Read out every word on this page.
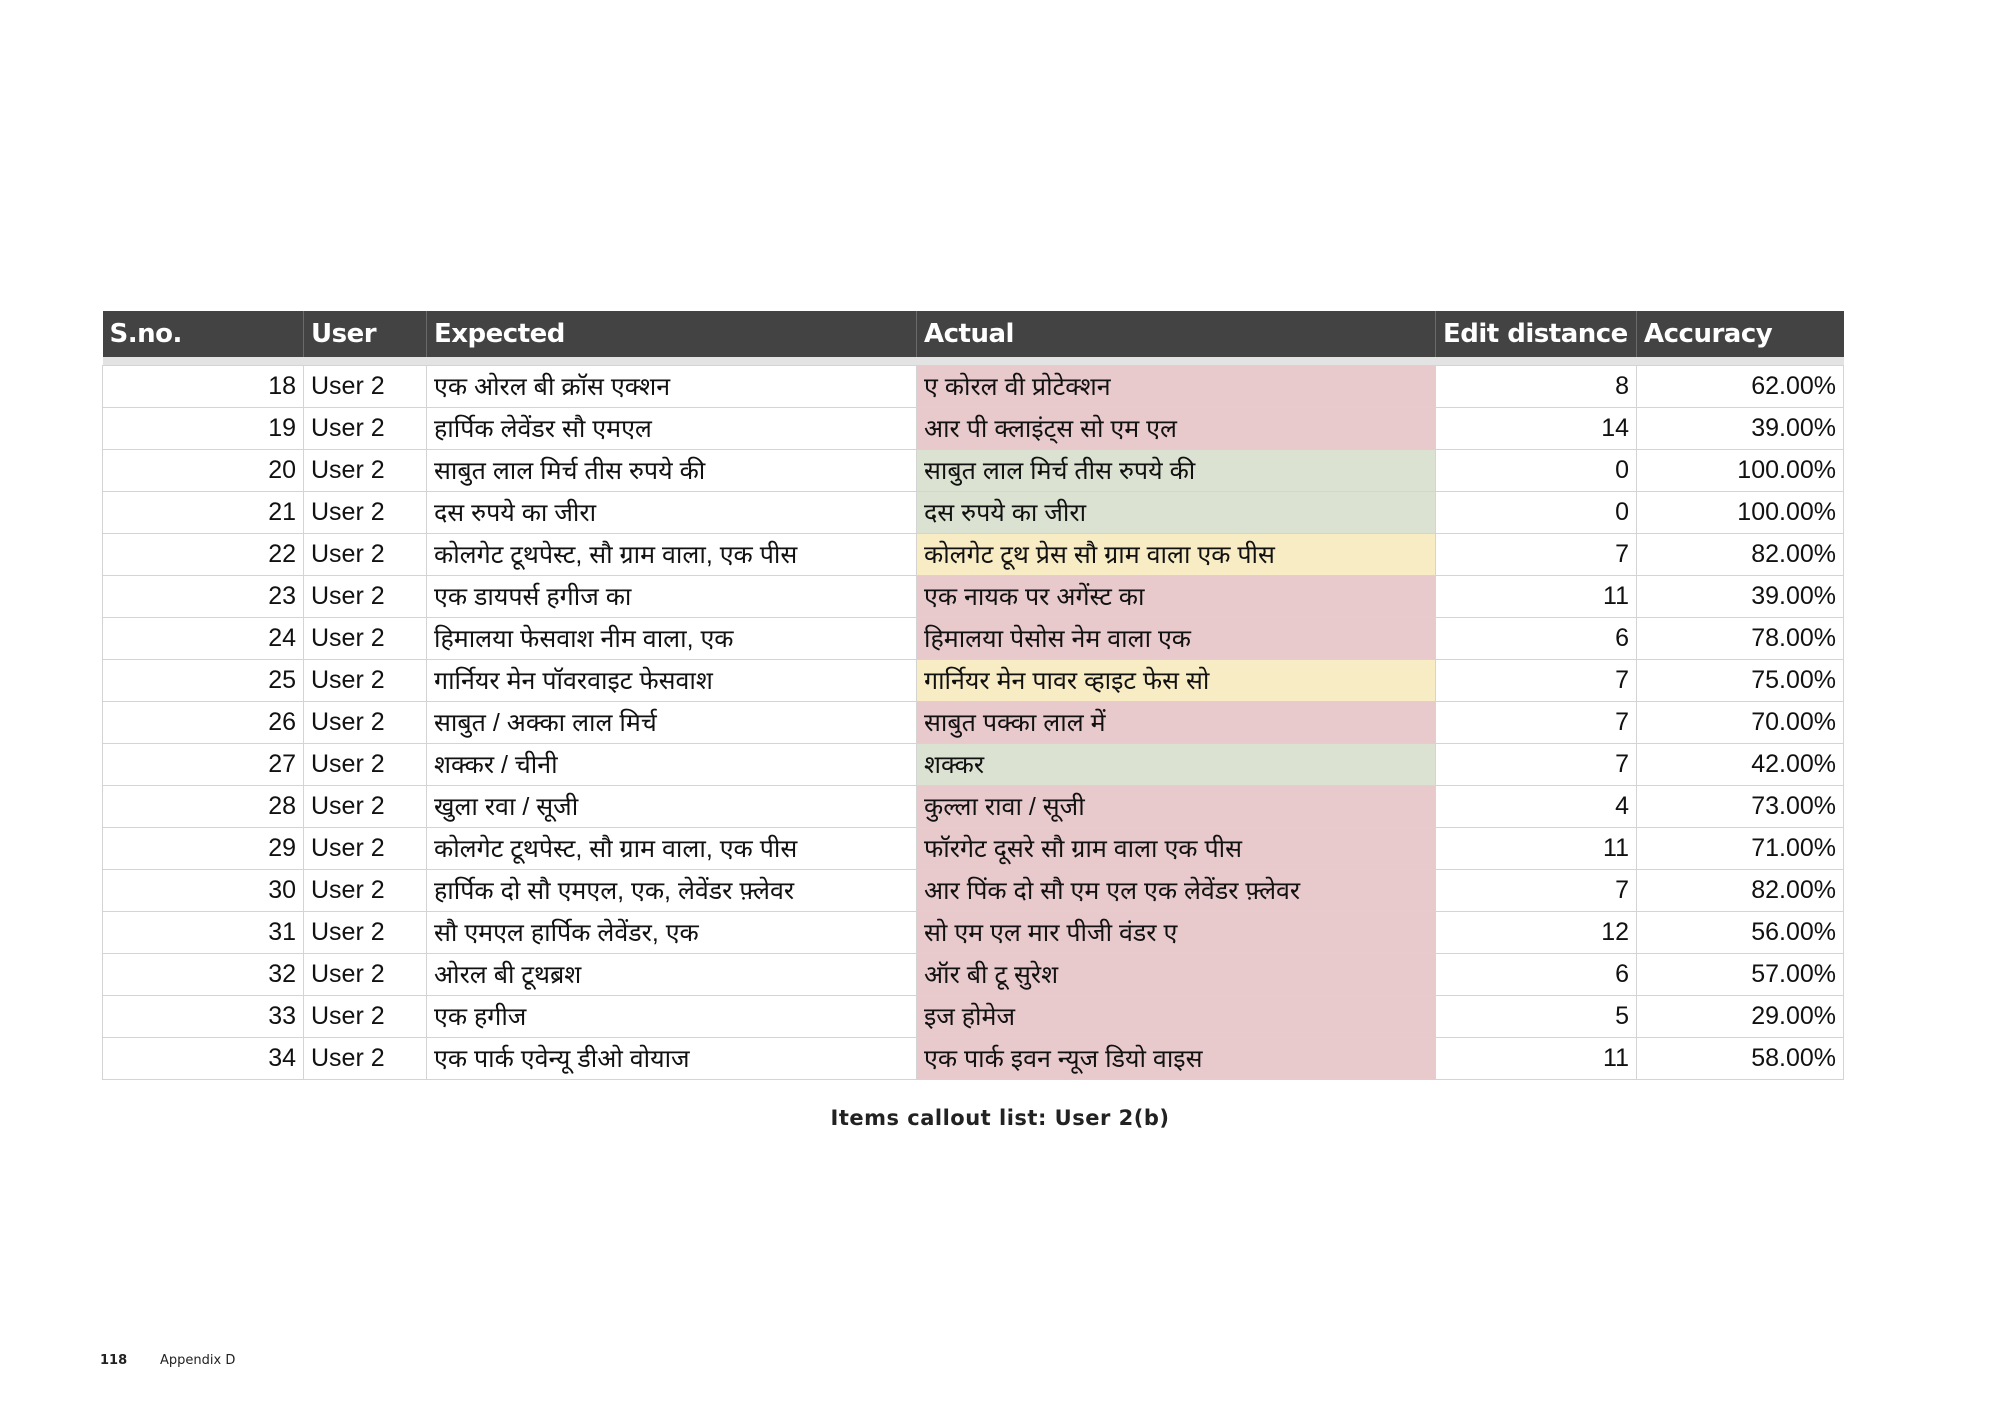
S.no.	User	Expected	Actual	Edit distance	Accuracy

18	User 2	एक ओरल बी क्रॉस एक्शन	ए कोरल वी प्रोटेक्शन	8	62.00%
19	User 2	हार्पिक लेवेंडर सौ एमएल	आर पी क्लाइंट्स सो एम एल	14	39.00%
20	User 2	साबुत लाल मिर्च तीस रुपये की	साबुत लाल मिर्च तीस रुपये की	0	100.00%
21	User 2	दस रुपये का जीरा	दस रुपये का जीरा	0	100.00%
22	User 2	कोलगेट टूथपेस्ट, सौ ग्राम वाला, एक पीस	कोलगेट टूथ प्रेस सौ ग्राम वाला एक पीस	7	82.00%
23	User 2	एक डायपर्स हगीज का	एक नायक पर अगेंस्ट का	11	39.00%
24	User 2	हिमालया फेसवाश नीम वाला, एक	हिमालया पेसोस नेम वाला एक	6	78.00%
25	User 2	गार्नियर मेन पॉवरवाइट फेसवाश	गार्नियर मेन पावर व्हाइट फेस सो	7	75.00%
26	User 2	साबुत / अक्का लाल मिर्च	साबुत पक्का लाल में	7	70.00%
27	User 2	शक्कर / चीनी	शक्कर	7	42.00%
28	User 2	खुला रवा / सूजी	कुल्ला रावा / सूजी	4	73.00%
29	User 2	कोलगेट टूथपेस्ट, सौ ग्राम वाला, एक पीस	फॉरगेट दूसरे सौ ग्राम वाला एक पीस	11	71.00%
30	User 2	हार्पिक दो सौ एमएल, एक, लेवेंडर फ़्लेवर	आर पिंक दो सौ एम एल एक लेवेंडर फ़्लेवर	7	82.00%
31	User 2	सौ एमएल हार्पिक लेवेंडर, एक	सो एम एल मार पीजी वंडर ए	12	56.00%
32	User 2	ओरल बी टूथब्रश	ऑर बी टू सुरेश	6	57.00%
33	User 2	एक हगीज	इज होमेज	5	29.00%
34	User 2	एक पार्क एवेन्यू डीओ वोयाज	एक पार्क इवन न्यूज डियो वाइस	11	58.00%
Items callout list: User 2(b)
118	Appendix D
